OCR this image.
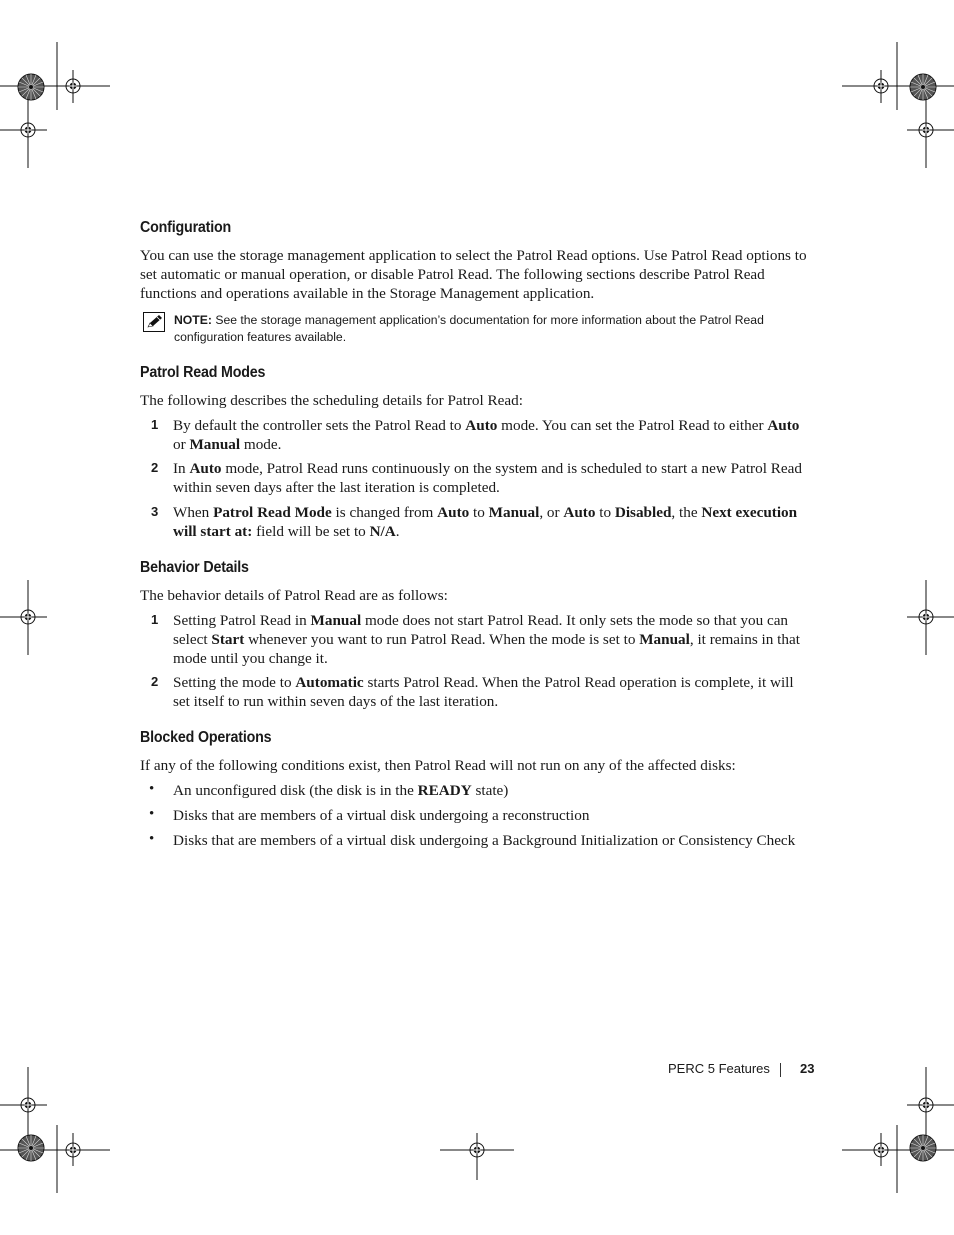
Configuration

You can use the storage management application to select the Patrol Read options. Use Patrol Read options to set automatic or manual operation, or disable Patrol Read. The following sections describe Patrol Read functions and operations available in the Storage Management application.

NOTE: See the storage management application’s documentation for more information about the Patrol Read configuration features available.
Patrol Read Modes

The following describes the scheduling details for Patrol Read:

1 By default the controller sets the Patrol Read to Auto mode. You can set the Patrol Read to either Auto or Manual mode.

2 In Auto mode, Patrol Read runs continuously on the system and is scheduled to start a new Patrol Read within seven days after the last iteration is completed.

3 When Patrol Read Mode is changed from Auto to Manual, or Auto to Disabled, the Next execution will start at: field will be set to N/A.

Behavior Details

The behavior details of Patrol Read are as follows:

1 Setting Patrol Read in Manual mode does not start Patrol Read. It only sets the mode so that you can select Start whenever you want to run Patrol Read. When the mode is set to Manual, it remains in that mode until you change it.

2 Setting the mode to Automatic starts Patrol Read. When the Patrol Read operation is complete, it will set itself to run within seven days of the last iteration.

Blocked Operations

If any of the following conditions exist, then Patrol Read will not run on any of the affected disks:

• An unconfigured disk (the disk is in the READY state)

• Disks that are members of a virtual disk undergoing a reconstruction

• Disks that are members of a virtual disk undergoing a Background Initialization or Consistency Check

PERC 5 Features 23
